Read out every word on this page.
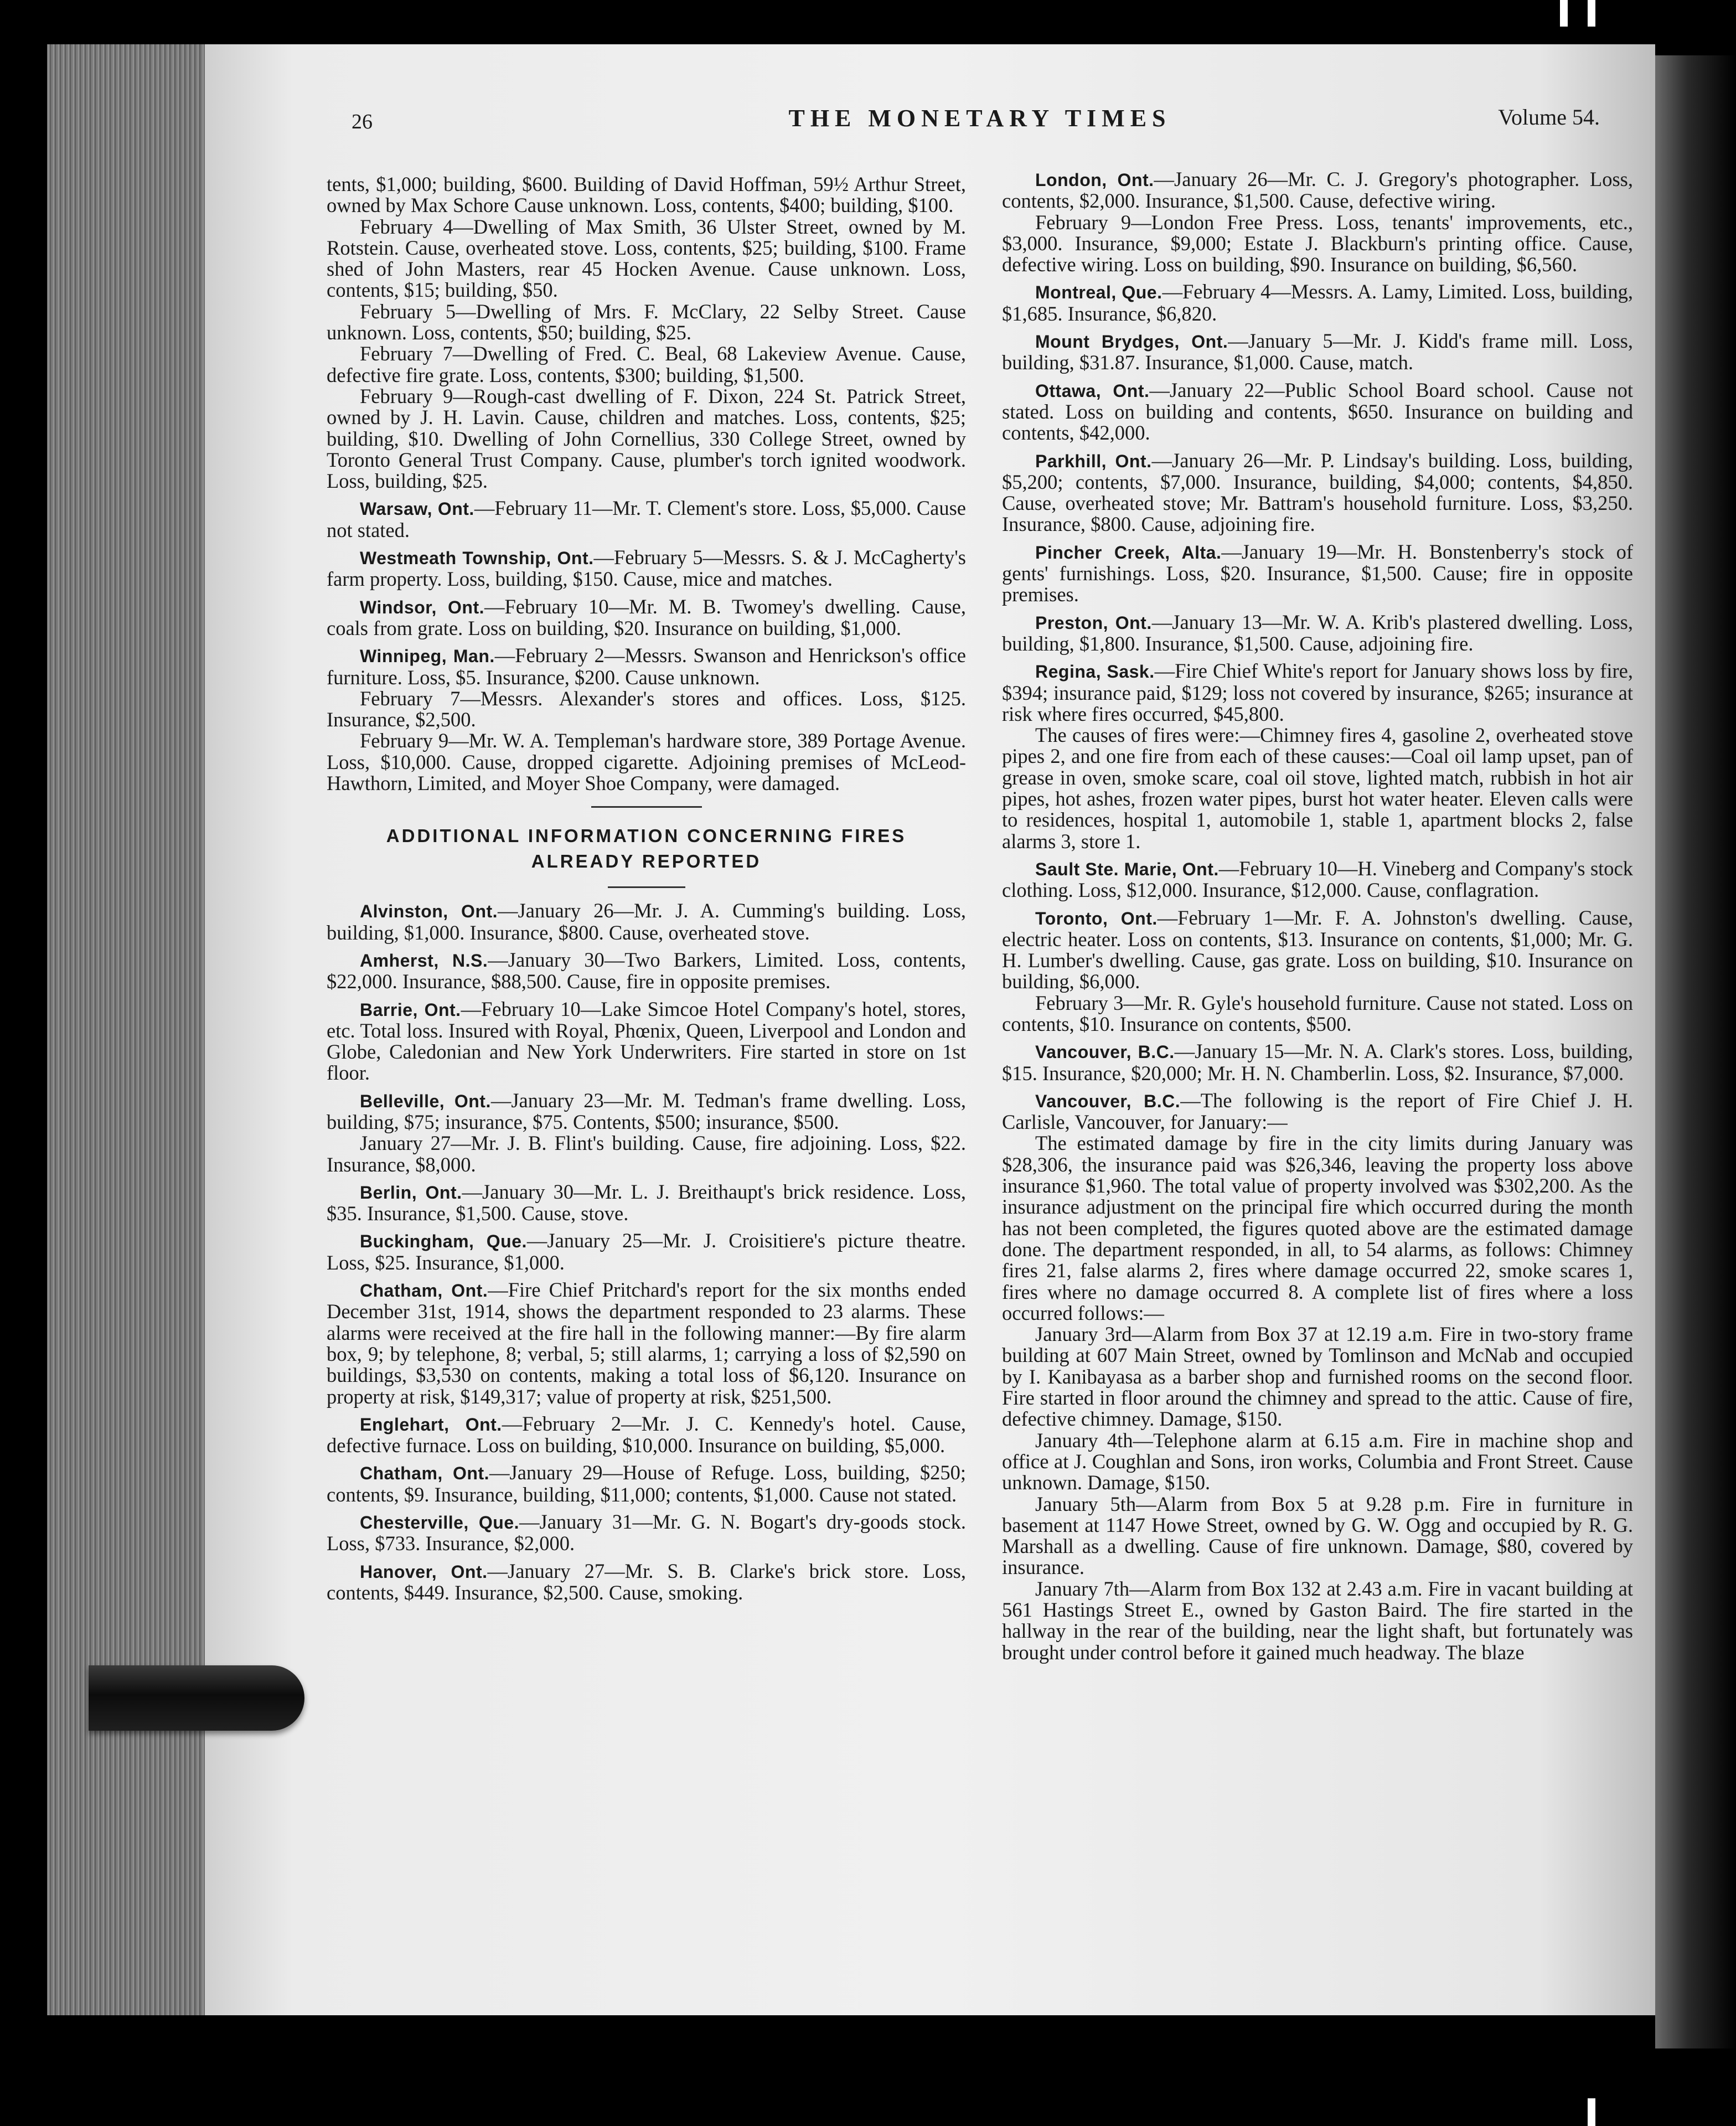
26	THE MONETARY TIMES	Volume 54.

tents, $1,000; building, $600. Building of David Hoffman, 59½ Arthur Street, owned by Max Schore Cause unknown. Loss, contents, $400; building, $100.

February 4—Dwelling of Max Smith, 36 Ulster Street, owned by M. Rotstein. Cause, overheated stove. Loss, contents, $25; building, $100. Frame shed of John Masters, rear 45 Hocken Avenue. Cause unknown. Loss, contents, $15; building, $50.

February 5—Dwelling of Mrs. F. McClary, 22 Selby Street. Cause unknown. Loss, contents, $50; building, $25.

February 7—Dwelling of Fred. C. Beal, 68 Lakeview Avenue. Cause, defective fire grate. Loss, contents, $300; building, $1,500.

February 9—Rough-cast dwelling of F. Dixon, 224 St. Patrick Street, owned by J. H. Lavin. Cause, children and matches. Loss, contents, $25; building, $10. Dwelling of John Cornellius, 330 College Street, owned by Toronto General Trust Company. Cause, plumber's torch ignited woodwork. Loss, building, $25.

Warsaw, Ont.—February 11—Mr. T. Clement's store. Loss, $5,000. Cause not stated.

Westmeath Township, Ont.—February 5—Messrs. S. & J. McCagherty's farm property. Loss, building, $150. Cause, mice and matches.

Windsor, Ont.—February 10—Mr. M. B. Twomey's dwelling. Cause, coals from grate. Loss on building, $20. Insurance on building, $1,000.

Winnipeg, Man.—February 2—Messrs. Swanson and Henrickson's office furniture. Loss, $5. Insurance, $200. Cause unknown.

February 7—Messrs. Alexander's stores and offices. Loss, $125. Insurance, $2,500.

February 9—Mr. W. A. Templeman's hardware store, 389 Portage Avenue. Loss, $10,000. Cause, dropped cigarette. Adjoining premises of McLeod-Hawthorn, Limited, and Moyer Shoe Company, were damaged.

ADDITIONAL INFORMATION CONCERNING FIRES
ALREADY REPORTED

Alvinston, Ont.—January 26—Mr. J. A. Cumming's building. Loss, building, $1,000. Insurance, $800. Cause, overheated stove.

Amherst, N.S.—January 30—Two Barkers, Limited. Loss, contents, $22,000. Insurance, $88,500. Cause, fire in opposite premises.

Barrie, Ont.—February 10—Lake Simcoe Hotel Company's hotel, stores, etc. Total loss. Insured with Royal, Phœnix, Queen, Liverpool and London and Globe, Caledonian and New York Underwriters. Fire started in store on 1st floor.

Belleville, Ont.—January 23—Mr. M. Tedman's frame dwelling. Loss, building, $75; insurance, $75. Contents, $500; insurance, $500.

January 27—Mr. J. B. Flint's building. Cause, fire adjoining. Loss, $22. Insurance, $8,000.

Berlin, Ont.—January 30—Mr. L. J. Breithaupt's brick residence. Loss, $35. Insurance, $1,500. Cause, stove.

Buckingham, Que.—January 25—Mr. J. Croisitiere's picture theatre. Loss, $25. Insurance, $1,000.

Chatham, Ont.—Fire Chief Pritchard's report for the six months ended December 31st, 1914, shows the department responded to 23 alarms. These alarms were received at the fire hall in the following manner:—By fire alarm box, 9; by telephone, 8; verbal, 5; still alarms, 1; carrying a loss of $2,590 on buildings, $3,530 on contents, making a total loss of $6,120. Insurance on property at risk, $149,317; value of property at risk, $251,500.

Englehart, Ont.—February 2—Mr. J. C. Kennedy's hotel. Cause, defective furnace. Loss on building, $10,000. Insurance on building, $5,000.

Chatham, Ont.—January 29—House of Refuge. Loss, building, $250; contents, $9. Insurance, building, $11,000; contents, $1,000. Cause not stated.

Chesterville, Que.—January 31—Mr. G. N. Bogart's dry-goods stock. Loss, $733. Insurance, $2,000.

Hanover, Ont.—January 27—Mr. S. B. Clarke's brick store. Loss, contents, $449. Insurance, $2,500. Cause, smoking.

London, Ont.—January 26—Mr. C. J. Gregory's photographer. Loss, contents, $2,000. Insurance, $1,500. Cause, defective wiring.

February 9—London Free Press. Loss, tenants' improvements, etc., $3,000. Insurance, $9,000; Estate J. Blackburn's printing office. Cause, defective wiring. Loss on building, $90. Insurance on building, $6,560.

Montreal, Que.—February 4—Messrs. A. Lamy, Limited. Loss, building, $1,685. Insurance, $6,820.

Mount Brydges, Ont.—January 5—Mr. J. Kidd's frame mill. Loss, building, $31.87. Insurance, $1,000. Cause, match.

Ottawa, Ont.—January 22—Public School Board school. Cause not stated. Loss on building and contents, $650. Insurance on building and contents, $42,000.

Parkhill, Ont.—January 26—Mr. P. Lindsay's building. Loss, building, $5,200; contents, $7,000. Insurance, building, $4,000; contents, $4,850. Cause, overheated stove; Mr. Battram's household furniture. Loss, $3,250. Insurance, $800. Cause, adjoining fire.

Pincher Creek, Alta.—January 19—Mr. H. Bonstenberry's stock of gents' furnishings. Loss, $20. Insurance, $1,500. Cause; fire in opposite premises.

Preston, Ont.—January 13—Mr. W. A. Krib's plastered dwelling. Loss, building, $1,800. Insurance, $1,500. Cause, adjoining fire.

Regina, Sask.—Fire Chief White's report for January shows loss by fire, $394; insurance paid, $129; loss not covered by insurance, $265; insurance at risk where fires occurred, $45,800.

The causes of fires were:—Chimney fires 4, gasoline 2, overheated stove pipes 2, and one fire from each of these causes:—Coal oil lamp upset, pan of grease in oven, smoke scare, coal oil stove, lighted match, rubbish in hot air pipes, hot ashes, frozen water pipes, burst hot water heater. Eleven calls were to residences, hospital 1, automobile 1, stable 1, apartment blocks 2, false alarms 3, store 1.

Sault Ste. Marie, Ont.—February 10—H. Vineberg and Company's stock clothing. Loss, $12,000. Insurance, $12,000. Cause, conflagration.

Toronto, Ont.—February 1—Mr. F. A. Johnston's dwelling. Cause, electric heater. Loss on contents, $13. Insurance on contents, $1,000; Mr. G. H. Lumber's dwelling. Cause, gas grate. Loss on building, $10. Insurance on building, $6,000.

February 3—Mr. R. Gyle's household furniture. Cause not stated. Loss on contents, $10. Insurance on contents, $500.

Vancouver, B.C.—January 15—Mr. N. A. Clark's stores. Loss, building, $15. Insurance, $20,000; Mr. H. N. Chamberlin. Loss, $2. Insurance, $7,000.

Vancouver, B.C.—The following is the report of Fire Chief J. H. Carlisle, Vancouver, for January:—

The estimated damage by fire in the city limits during January was $28,306, the insurance paid was $26,346, leaving the property loss above insurance $1,960. The total value of property involved was $302,200. As the insurance adjustment on the principal fire which occurred during the month has not been completed, the figures quoted above are the estimated damage done. The department responded, in all, to 54 alarms, as follows: Chimney fires 21, false alarms 2, fires where damage occurred 22, smoke scares 1, fires where no damage occurred 8. A complete list of fires where a loss occurred follows:—

January 3rd—Alarm from Box 37 at 12.19 a.m. Fire in two-story frame building at 607 Main Street, owned by Tomlinson and McNab and occupied by I. Kanibayasa as a barber shop and furnished rooms on the second floor. Fire started in floor around the chimney and spread to the attic. Cause of fire, defective chimney. Damage, $150.

January 4th—Telephone alarm at 6.15 a.m. Fire in machine shop and office at J. Coughlan and Sons, iron works, Columbia and Front Street. Cause unknown. Damage, $150.

January 5th—Alarm from Box 5 at 9.28 p.m. Fire in furniture in basement at 1147 Howe Street, owned by G. W. Ogg and occupied by R. G. Marshall as a dwelling. Cause of fire unknown. Damage, $80, covered by insurance.

January 7th—Alarm from Box 132 at 2.43 a.m. Fire in vacant building at 561 Hastings Street E., owned by Gaston Baird. The fire started in the hallway in the rear of the building, near the light shaft, but fortunately was brought under control before it gained much headway. The blaze
